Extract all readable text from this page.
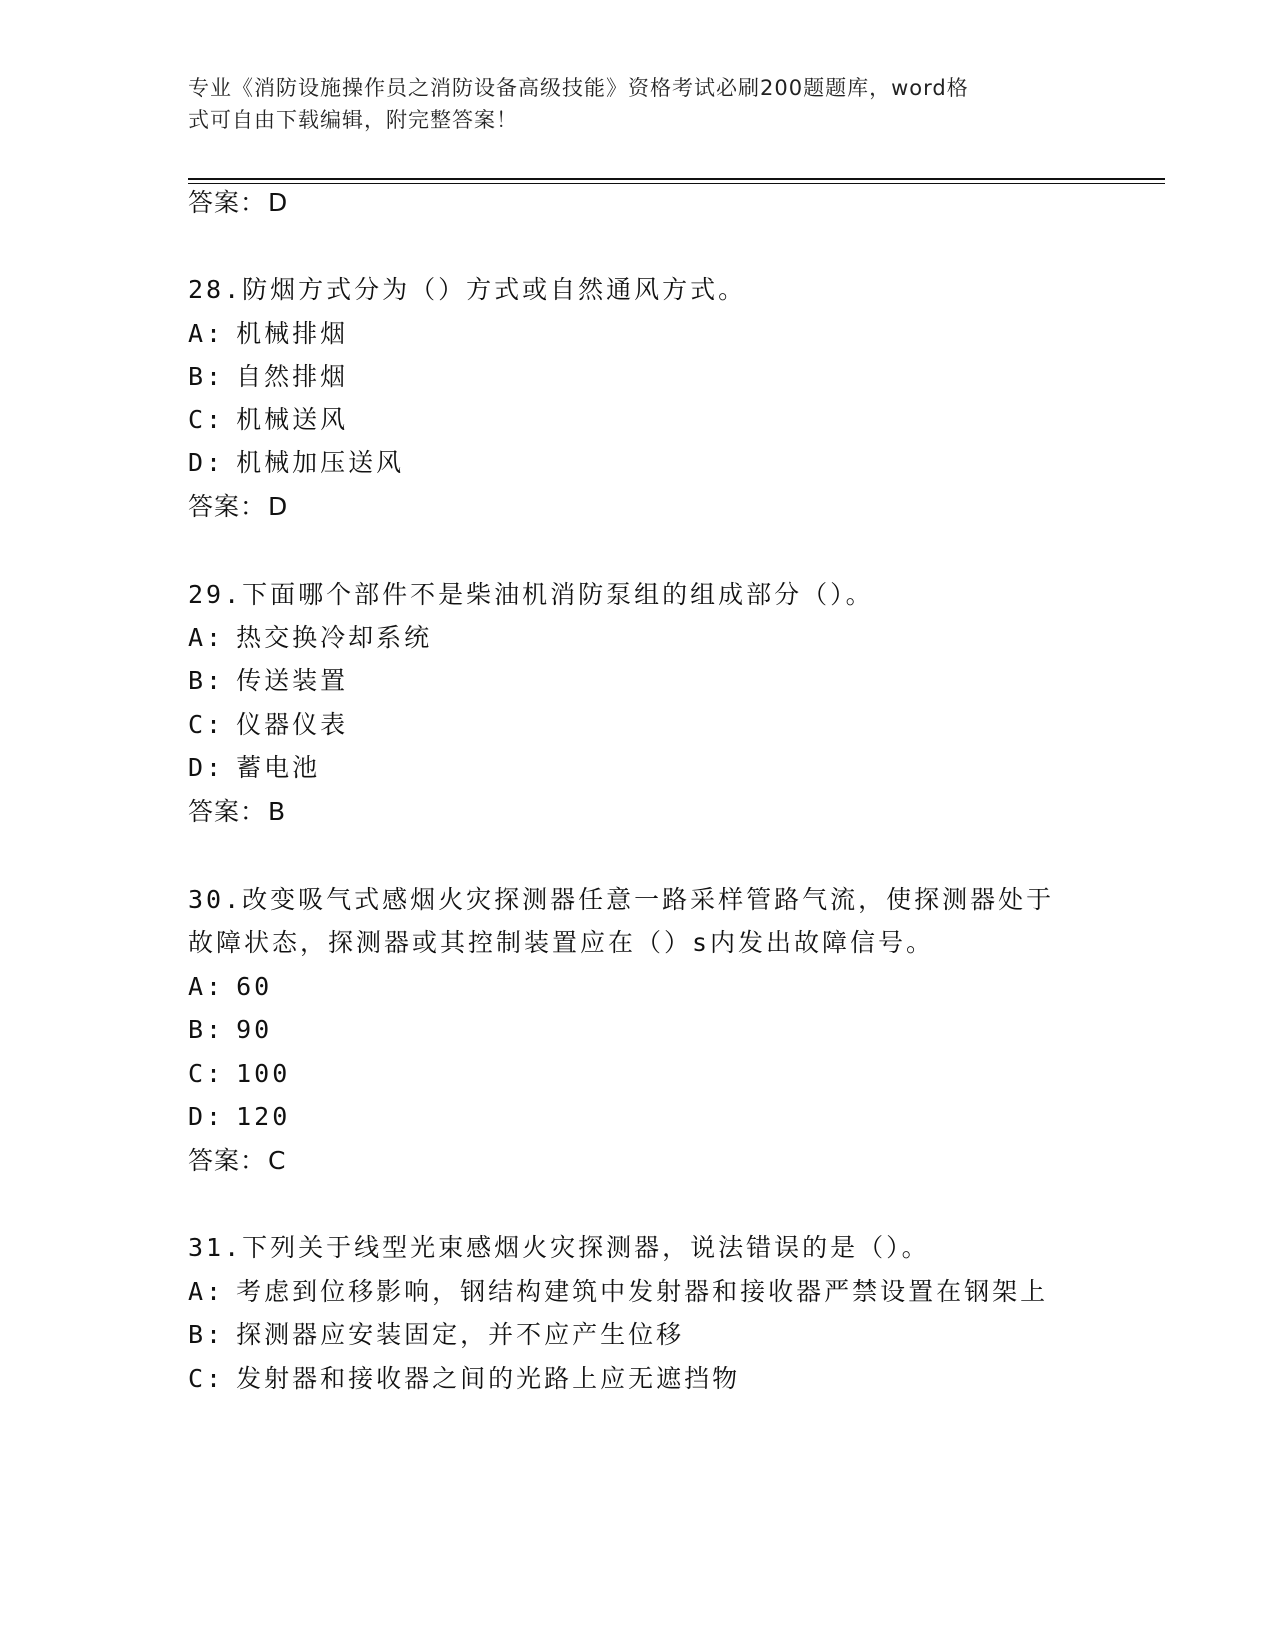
专业《消防设施操作员之消防设备高级技能》资格考试必刷200题题库，word格
式可自由下载编辑，附完整答案！
答案：D
28.防烟方式分为（）方式或自然通风方式。
A: 机械排烟
B: 自然排烟
C: 机械送风
D: 机械加压送风
答案：D
29.下面哪个部件不是柴油机消防泵组的组成部分（）。
A: 热交换冷却系统
B: 传送装置
C: 仪器仪表
D: 蓄电池
答案：B
30.改变吸气式感烟火灾探测器任意一路采样管路气流，使探测器处于
故障状态，探测器或其控制装置应在（）s内发出故障信号。
A: 60
B: 90
C: 100
D: 120
答案：C
31.下列关于线型光束感烟火灾探测器，说法错误的是（）。
A: 考虑到位移影响，钢结构建筑中发射器和接收器严禁设置在钢架上
B: 探测器应安装固定，并不应产生位移
C: 发射器和接收器之间的光路上应无遮挡物
